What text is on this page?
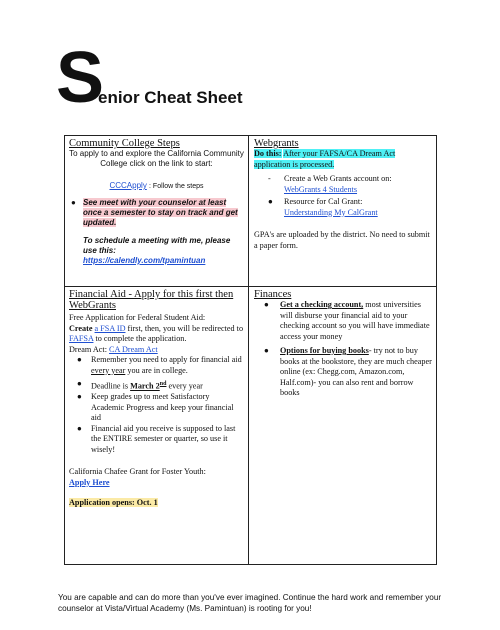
S
enior Cheat Sheet
Community College Steps
To apply to and explore the California Community College click on the link to start:
CCCApply : Follow the steps
● See meet with your counselor at least once a semester to stay on track and get updated.
To schedule a meeting with me, please use this:
https://calendly.com/tpamintuan
Webgrants
Do this: After your FAFSA/CA Dream Act application is processed.
- Create a Web Grants account on:
WebGrants 4 Students
● Resource for Cal Grant:
Understanding My CalGrant
GPA's are uploaded by the district. No need to submit a paper form.
Financial Aid - Apply for this first then WebGrants
Free Application for Federal Student Aid:
Create a FSA ID first, then, you will be redirected to FAFSA to complete the application.
Dream Act: CA Dream Act
● Remember you need to apply for financial aid every year you are in college.
● Deadline is March 2nd every year
● Keep grades up to meet Satisfactory Academic Progress and keep your financial aid
● Financial aid you receive is supposed to last the ENTIRE semester or quarter, so use it wisely!
California Chafee Grant for Foster Youth:
Apply Here
Application opens: Oct. 1
Finances
● Get a checking account, most universities will disburse your financial aid to your checking account so you will have immediate access your money
● Options for buying books- try not to buy books at the bookstore, they are much cheaper online (ex: Chegg.com, Amazon.com, Half.com)- you can also rent and borrow books
You are capable and can do more than you've ever imagined. Continue the hard work and remember your counselor at Vista/Virtual Academy (Ms. Pamintuan) is rooting for you!
